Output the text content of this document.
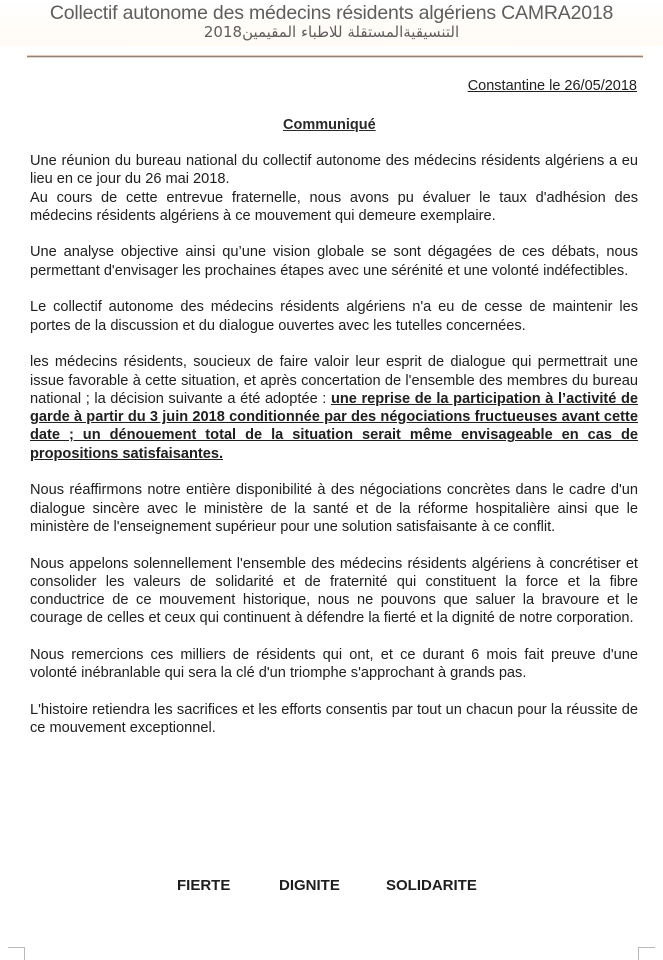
Collectif autonome des médecins résidents algériens CAMRA2018
التنسيقيةالمستقلة للاطباء المقيمين2018
Constantine le 26/05/2018
Communiqué

Une réunion du bureau national du collectif autonome des médecins résidents algériens a eu lieu en ce jour du 26 mai 2018.
Au cours de cette entrevue fraternelle, nous avons pu évaluer le taux d'adhésion des médecins résidents algériens à ce mouvement qui demeure exemplaire.

Une analyse objective ainsi qu’une vision globale se sont dégagées de ces débats, nous permettant d'envisager les prochaines étapes avec une sérénité et une volonté indéfectibles.

Le collectif autonome des médecins résidents algériens n'a eu de cesse de maintenir les portes de la discussion et du dialogue ouvertes avec les tutelles concernées.

les médecins résidents, soucieux de faire valoir leur esprit de dialogue qui permettrait une issue favorable à cette situation, et après concertation de l'ensemble des membres du bureau national ; la décision suivante a été adoptée : une reprise de la participation à l’activité de garde à partir du 3 juin 2018 conditionnée par des négociations fructueuses avant cette date ; un dénouement total de la situation serait même envisageable en cas de propositions satisfaisantes.

Nous réaffirmons notre entière disponibilité à des négociations concrètes dans le cadre d'un dialogue sincère avec le ministère de la santé et de la réforme hospitalière ainsi que le ministère de l'enseignement supérieur pour une solution satisfaisante à ce conflit.

Nous appelons solennellement l'ensemble des médecins résidents algériens à concrétiser et consolider les valeurs de solidarité et de fraternité qui constituent la force et la fibre conductrice de ce mouvement historique, nous ne pouvons que saluer la bravoure et le courage de celles et ceux qui continuent à défendre la fierté et la dignité de notre corporation.

Nous remercions ces milliers de résidents qui ont, et ce durant 6 mois fait preuve d'une volonté inébranlable qui sera la clé d'un triomphe s'approchant à grands pas.

L'histoire retiendra les sacrifices et les efforts consentis par tout un chacun pour la réussite de ce mouvement exceptionnel.

FIERTE	DIGNITE	SOLIDARITE
